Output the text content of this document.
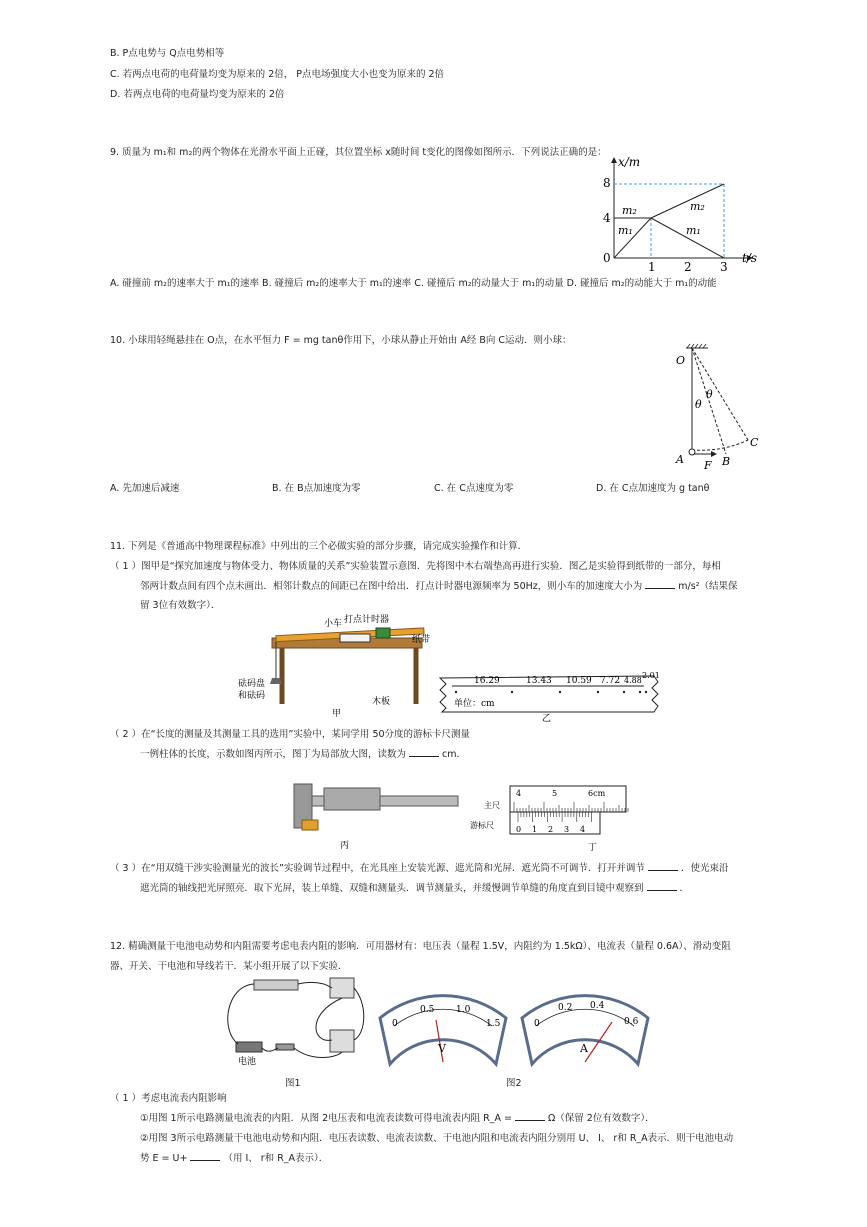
B. P点电势与 Q点电势相等
C. 若两点电荷的电荷量均变为原来的 2倍， P点电场强度大小也变为原来的 2倍
D. 若两点电荷的电荷量均变为原来的 2倍
9. 质量为 m₁和 m₂的两个物体在光滑水平面上正碰，其位置坐标 x随时间 t变化的图像如图所示．下列说法正确的是：
x/m
t/s
8
4
0
1 2 3
m₂
m₁
m₂
m₁
A. 碰撞前 m₂的速率大于 m₁的速率 B. 碰撞后 m₂的速率大于 m₁的速率 C. 碰撞后 m₂的动量大于 m₁的动量 D. 碰撞后 m₂的动能大于 m₁的动能
10. 小球用轻绳悬挂在 O点，在水平恒力 F = mg tanθ作用下，小球从静止开始由 A经 B向 C运动．则小球：
O
θ
θ
A	B
C
F
A. 先加速后减速	B. 在 B点加速度为零	C. 在 C点速度为零	D. 在 C点加速度为 g tanθ
11. 下列是《普通高中物理课程标准》中列出的三个必做实验的部分步骤，请完成实验操作和计算．
（ 1 ）图甲是“探究加速度与物体受力、物体质量的关系”实验装置示意图．先将图中木右端垫高再进行实验．图乙是实验得到纸带的一部分，每相
邻两计数点间有四个点未画出．相邻计数点的间距已在图中给出．打点计时器电源频率为 50Hz，则小车的加速度大小为	m/s²（结果保
留 3位有效数字）．
打点计时器
小车
纸带
砝码盘
和砝码
木板
甲
16.29	13.43 10.59 7.72 4.88
2.01
单位：cm
乙
（ 2 ）在“长度的测量及其测量工具的选用”实验中，某同学用 50分度的游标卡尺测量
一例柱体的长度，示数如图丙所示，图丁为局部放大图，读数为	cm．
丙
4	5	6cm
0 1 2 3 4
主尺
游标尺
丁
（ 3 ）在“用双缝干涉实验测量光的波长”实验调节过程中，在光具座上安装光源、遮光筒和光屏．遮光筒不可调节．打开并调节	．使光束沿
遮光筒的轴线把光屏照亮．取下光屏，装上单缝、双缝和测量头．调节测量头，并缓慢调节单缝的角度直到目镜中观察到	．
12. 精确测量干电池电动势和内阻需要考虑电表内阻的影响．可用器材有：电压表（量程 1.5V，内阻约为 1.5kΩ）、电流表（量程 0.6A）、滑动变阻
器、开关、干电池和导线若干．某小组开展了以下实验．
电池
图1
0
0.5 1.0
1.5
V
0
0.2 0.4
0.6
A
图2
（ 1 ）考虑电流表内阻影响
①用图 1所示电路测量电流表的内阻．从图 2电压表和电流表读数可得电流表内阻 R_A =	Ω（保留 2位有效数字）．
②用图 3所示电路测量干电池电动势和内阻．电压表读数、电流表读数、干电池内阻和电流表内阻分别用 U、 I、 r和 R_A表示．则干电池电动
势 E = U+	（用 I、 r和 R_A表示）．
